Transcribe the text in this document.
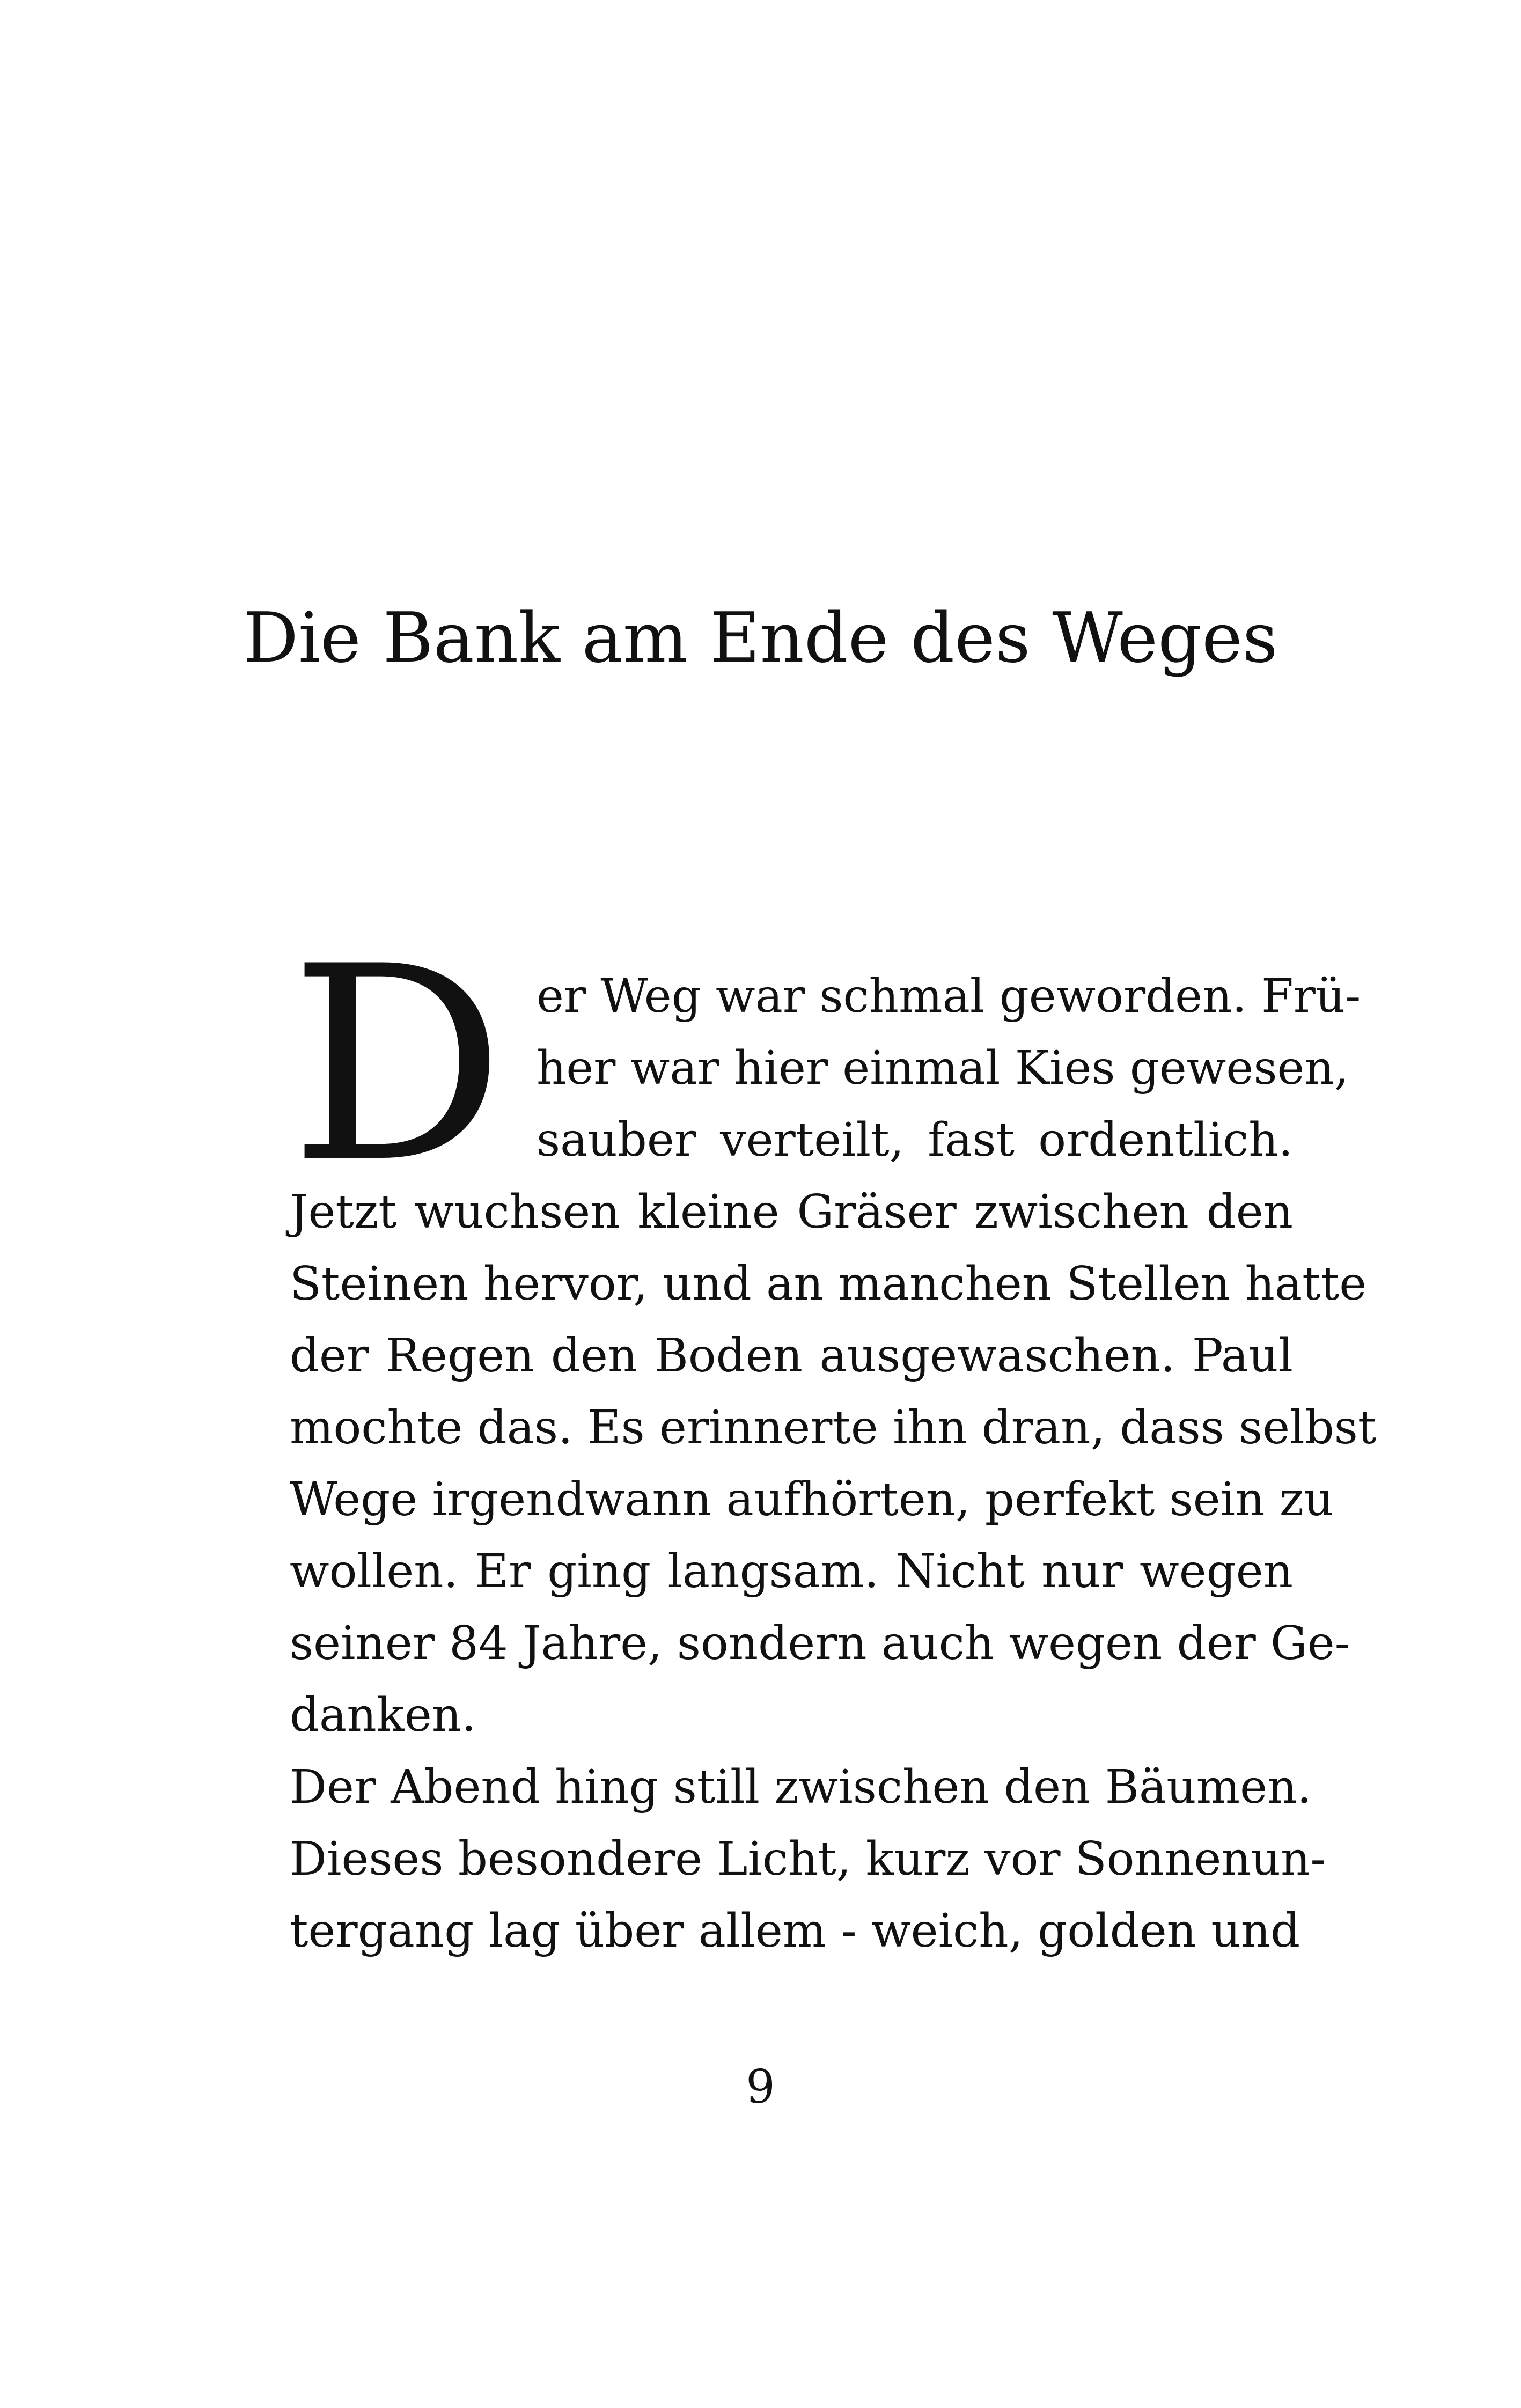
Die Bank am Ende des Weges
D er Weg war schmal geworden. Frü-
her war hier einmal Kies gewesen,
sauber verteilt, fast ordentlich.
Jetzt wuchsen kleine Gräser zwischen den
Steinen hervor, und an manchen Stellen hatte
der Regen den Boden ausgewaschen. Paul
mochte das. Es erinnerte ihn dran, dass selbst
Wege irgendwann aufhörten, perfekt sein zu
wollen. Er ging langsam. Nicht nur wegen
seiner 84 Jahre, sondern auch wegen der Ge-
danken.
Der Abend hing still zwischen den Bäumen.
Dieses besondere Licht, kurz vor Sonnenun-
tergang lag über allem - weich, golden und
9
